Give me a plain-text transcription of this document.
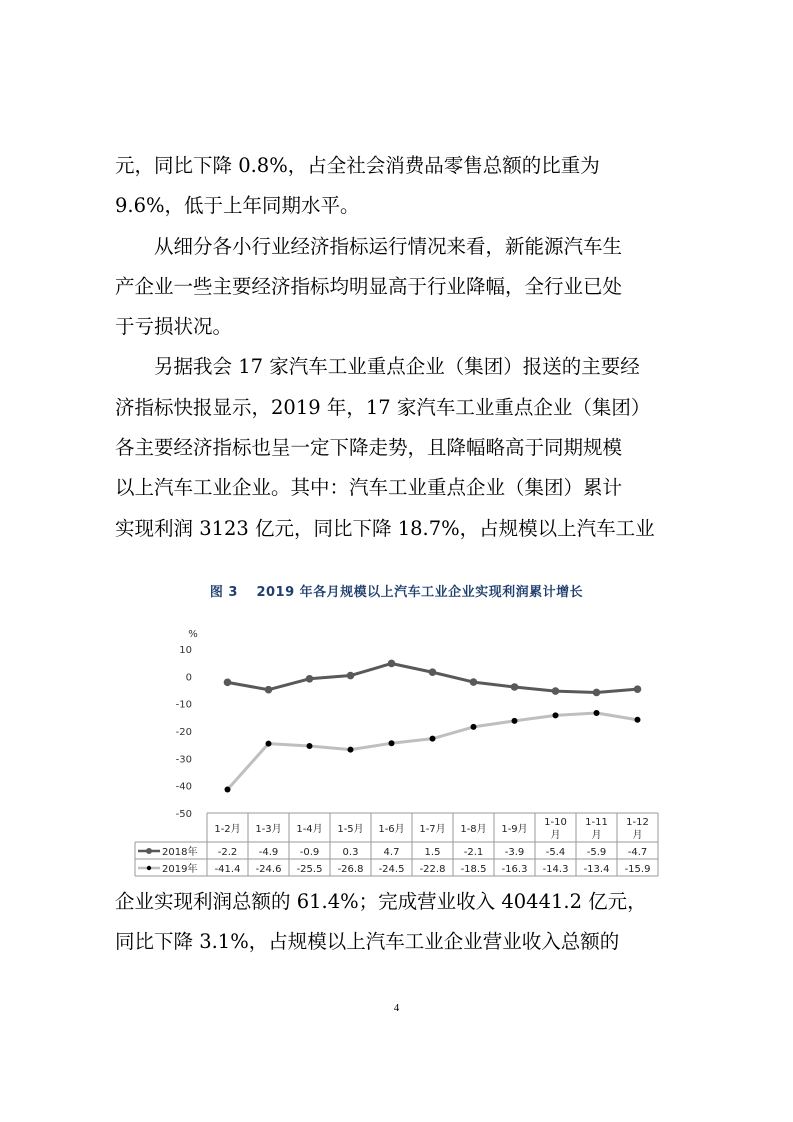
元，同比下降 0.8%，占全社会消费品零售总额的比重为

9.6%，低于上年同期水平。

从细分各小行业经济指标运行情况来看，新能源汽车生

产企业一些主要经济指标均明显高于行业降幅，全行业已处

于亏损状况。

另据我会 17 家汽车工业重点企业（集团）报送的主要经

济指标快报显示，2019 年，17 家汽车工业重点企业（集团）

各主要经济指标也呈一定下降走势，且降幅略高于同期规模

以上汽车工业企业。其中：汽车工业重点企业（集团）累计

实现利润 3123 亿元，同比下降 18.7%，占规模以上汽车工业

图 3　 2019 年各月规模以上汽车工业企业实现利润累计增长
%
10
0
-10
-20
-30
-40
-50
1-2月 1-3月 1-4月 1-5月 1-6月 1-7月 1-8月 1-9月
1-10
月
1-11
月
1-12
月
2018年 -2.2 -4.9 -0.9 0.3	4.7	1.5 -2.1 -3.9 -5.4 -5.9 -4.7
2019年 -41.4 -24.6 -25.5 -26.8 -24.5 -22.8 -18.5 -16.3 -14.3 -13.4 -15.9

企业实现利润总额的 61.4%；完成营业收入 40441.2 亿元，

同比下降 3.1%，占规模以上汽车工业企业营业收入总额的

4
